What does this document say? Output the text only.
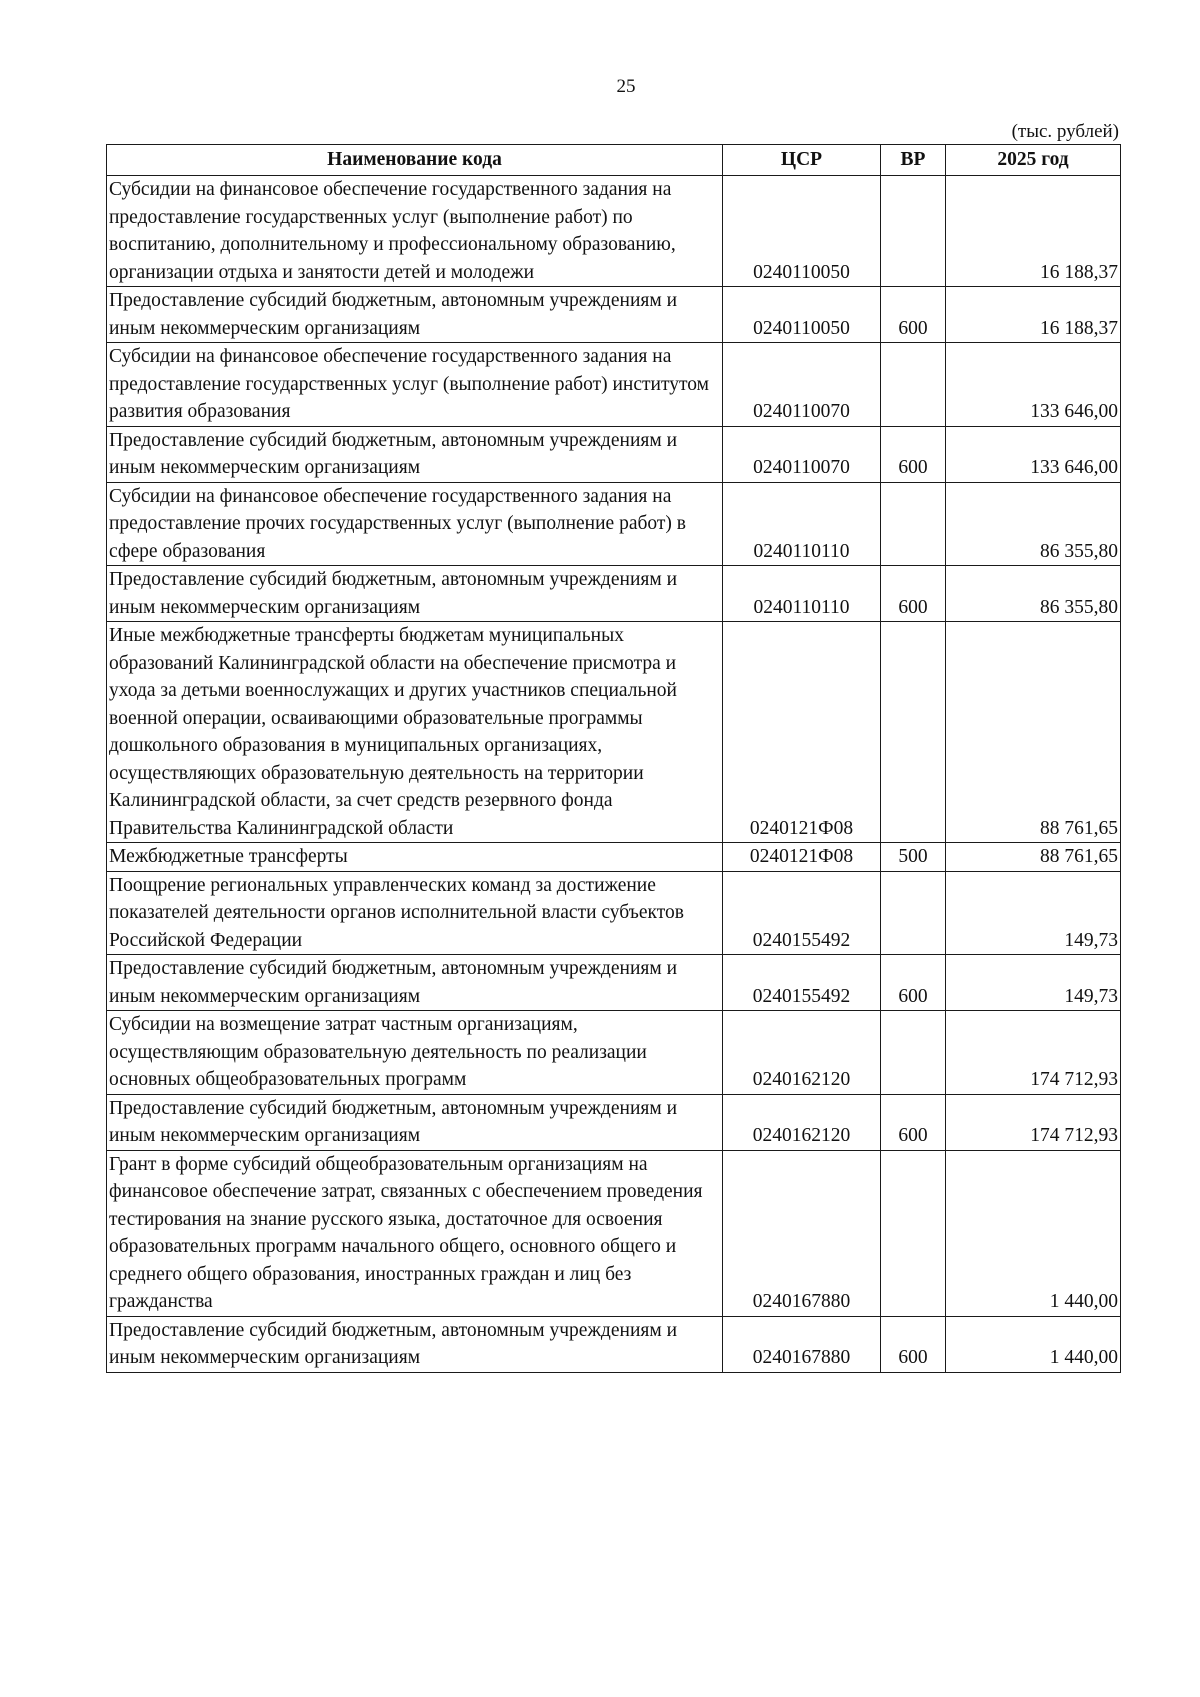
25
(тыс. рублей)
Наименование кода	ЦСР	ВР	2025 год
Субсидии на финансовое обеспечение государственного задания на предоставление государственных услуг (выполнение работ) по воспитанию, дополнительному и профессиональному образованию, организации отдыха и занятости детей и молодежи	0240110050		16 188,37
Предоставление субсидий бюджетным, автономным учреждениям и иным некоммерческим организациям	0240110050	600	16 188,37
Субсидии на финансовое обеспечение государственного задания на предоставление государственных услуг (выполнение работ) институтом развития образования	0240110070		133 646,00
Предоставление субсидий бюджетным, автономным учреждениям и иным некоммерческим организациям	0240110070	600	133 646,00
Субсидии на финансовое обеспечение государственного задания на предоставление прочих государственных услуг (выполнение работ) в сфере образования	0240110110		86 355,80
Предоставление субсидий бюджетным, автономным учреждениям и иным некоммерческим организациям	0240110110	600	86 355,80
Иные межбюджетные трансферты бюджетам муниципальных образований Калининградской области на обеспечение присмотра и ухода за детьми военнослужащих и других участников специальной военной операции, осваивающими образовательные программы дошкольного образования в муниципальных организациях, осуществляющих образовательную деятельность на территории Калининградской области, за счет средств резервного фонда Правительства Калининградской области	0240121Ф08		88 761,65
Межбюджетные трансферты	0240121Ф08	500	88 761,65
Поощрение региональных управленческих команд за достижение показателей деятельности органов исполнительной власти субъектов Российской Федерации	0240155492		149,73
Предоставление субсидий бюджетным, автономным учреждениям и иным некоммерческим организациям	0240155492	600	149,73
Субсидии на возмещение затрат частным организациям, осуществляющим образовательную деятельность по реализации основных общеобразовательных программ	0240162120		174 712,93
Предоставление субсидий бюджетным, автономным учреждениям и иным некоммерческим организациям	0240162120	600	174 712,93
Грант в форме субсидий общеобразовательным организациям на финансовое обеспечение затрат, связанных с обеспечением проведения тестирования на знание русского языка, достаточное для освоения образовательных программ начального общего, основного общего и среднего общего образования, иностранных граждан и лиц без гражданства	0240167880		1 440,00
Предоставление субсидий бюджетным, автономным учреждениям и иным некоммерческим организациям	0240167880	600	1 440,00
